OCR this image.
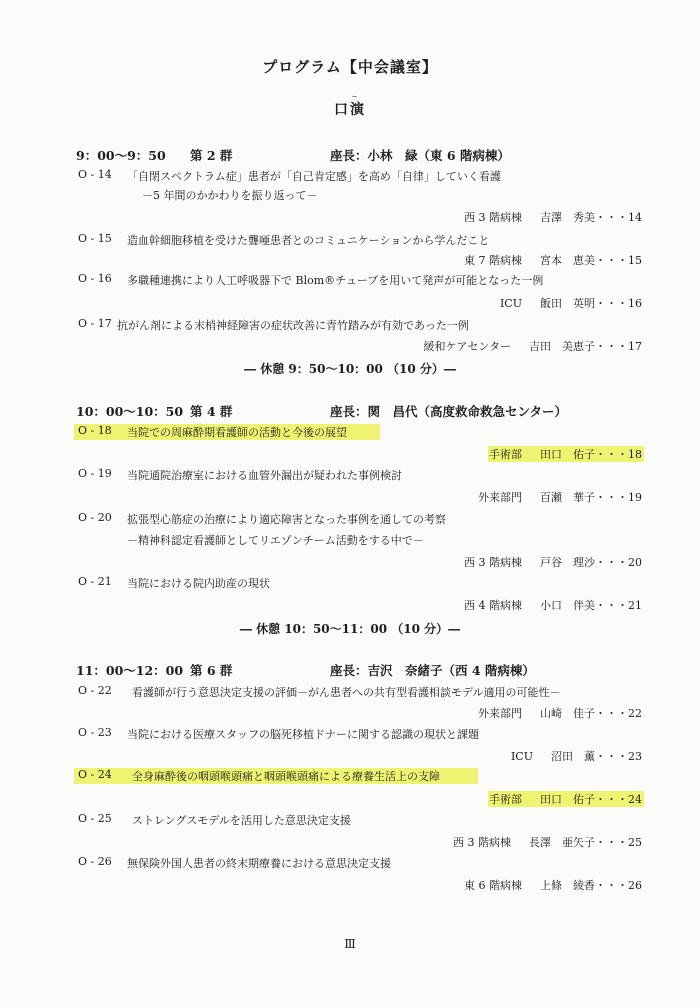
ｰ
プログラム【中会議室】
口演
9：00～9：50 第 2 群	座長：小林　緑（東 6 階病棟）
O - 14 「自閉スペクトラム症」患者が「自己肯定感」を高め「自律」していく看護
－5 年間のかかわりを振り返って－
西 3 階病棟 吉澤　秀美・・・14
O - 15 造血幹細胞移植を受けた聾唖患者とのコミュニケーションから学んだこと
東 7 階病棟 宮本　恵美・・・15
O - 16 多職種連携により人工呼吸器下で Blom®チューブを用いて発声が可能となった一例
ICU 飯田　英明・・・16
O - 17 抗がん剤による末梢神経障害の症状改善に青竹踏みが有効であった一例
緩和ケアセンター 吉田　美恵子・・・17
― 休憩 9：50～10：00 （10 分）―
10：00～10：50 第 4 群	座長：関　昌代（高度救命救急センター）
O - 18 当院での周麻酔期看護師の活動と今後の展望
手術部 田口　佑子・・・18
O - 19 当院通院治療室における血管外漏出が疑われた事例検討
外来部門 百瀬　華子・・・19
O - 20 拡張型心筋症の治療により適応障害となった事例を通しての考察
－精神科認定看護師としてリエゾンチーム活動をする中で－
西 3 階病棟 戸谷　理沙・・・20
O - 21 当院における院内助産の現状
西 4 階病棟 小口　伴美・・・21
― 休憩 10：50～11：00 （10 分）―
11：00～12：00 第 6 群	座長：吉沢　奈緒子（西 4 階病棟）
O - 22 看護師が行う意思決定支援の評価－がん患者への共有型看護相談モデル適用の可能性－
外来部門 山崎　佳子・・・22
O - 23 当院における医療スタッフの脳死移植ドナーに関する認識の現状と課題
ICU 沼田　薫・・・23
O - 24 全身麻酔後の咽頭喉頭痛と咽頭喉頭痛による療養生活上の支障
手術部 田口　佑子・・・24
O - 25 ストレングスモデルを活用した意思決定支援
西 3 階病棟 長澤　亜矢子・・・25
O - 26 無保険外国人患者の終末期療養における意思決定支援
東 6 階病棟 上條　綾香・・・26
Ⅲ
